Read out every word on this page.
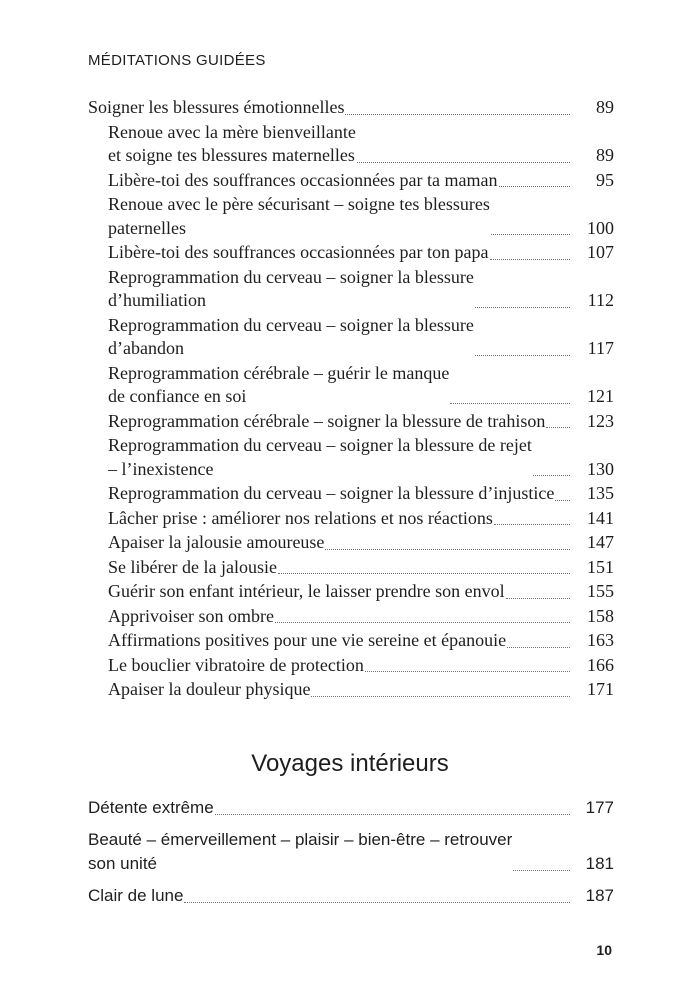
MÉDITATIONS GUIDÉES
Soigner les blessures émotionnelles	89
Renoue avec la mère bienveillante
et soigne tes blessures maternelles	89
Libère-toi des souffrances occasionnées par ta maman	95
Renoue avec le père sécurisant – soigne tes blessures
paternelles	100
Libère-toi des souffrances occasionnées par ton papa	107
Reprogrammation du cerveau – soigner la blessure
d’humiliation	112
Reprogrammation du cerveau – soigner la blessure
d’abandon	117
Reprogrammation cérébrale – guérir le manque
de confiance en soi	121
Reprogrammation cérébrale – soigner la blessure de trahison	123
Reprogrammation du cerveau – soigner la blessure de rejet
– l’inexistence	130
Reprogrammation du cerveau – soigner la blessure d’injustice	135
Lâcher prise : améliorer nos relations et nos réactions	141
Apaiser la jalousie amoureuse	147
Se libérer de la jalousie	151
Guérir son enfant intérieur, le laisser prendre son envol	155
Apprivoiser son ombre	158
Affirmations positives pour une vie sereine et épanouie	163
Le bouclier vibratoire de protection	166
Apaiser la douleur physique	171
Voyages intérieurs
Détente extrême	177
Beauté – émerveillement – plaisir – bien-être – retrouver
son unité	181
Clair de lune	187
10
